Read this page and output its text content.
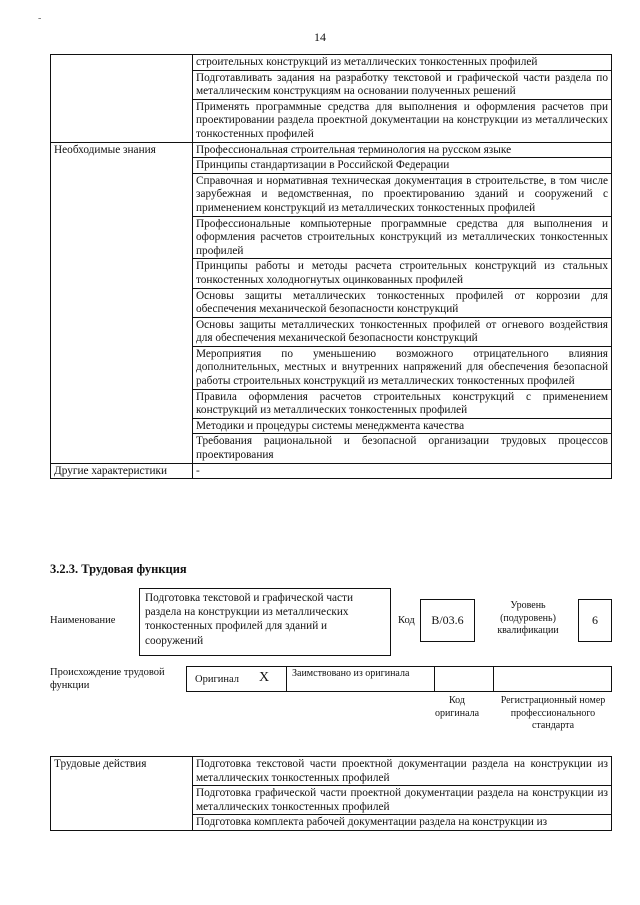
-
14
	строительных конструкций из металлических тонкостенных профилей
	Подготавливать задания на разработку текстовой и графической части раздела по металлическим конструкциям на основании полученных решений
	Применять программные средства для выполнения и оформления расчетов при проектировании раздела проектной документации на конструкции из металлических тонкостенных профилей
Необходимые знания	Профессиональная строительная терминология на русском языке
	Принципы стандартизации в Российской Федерации
	Справочная и нормативная техническая документация в строительстве, в том числе зарубежная и ведомственная, по проектированию зданий и сооружений с применением конструкций из металлических тонкостенных профилей
	Профессиональные компьютерные программные средства для выполнения и оформления расчетов строительных конструкций из металлических тонкостенных профилей
	Принципы работы и методы расчета строительных конструкций из стальных тонкостенных холодногнутых оцинкованных профилей
	Основы защиты металлических тонкостенных профилей от коррозии для обеспечения механической безопасности конструкций
	Основы защиты металлических тонкостенных профилей от огневого воздействия для обеспечения механической безопасности конструкций
	Мероприятия по уменьшению возможного отрицательного влияния дополнительных, местных и внутренних напряжений для обеспечения безопасной работы строительных конструкций из металлических тонкостенных профилей
	Правила оформления расчетов строительных конструкций с применением конструкций из металлических тонкостенных профилей
	Методики и процедуры системы менеджмента качества
	Требования рациональной и безопасной организации трудовых процессов проектирования
Другие характеристики	-
3.2.3. Трудовая функция
Наименование
Подготовка текстовой и графической части раздела на конструкции из металлических тонкостенных профилей для зданий и сооружений
Код	B/03.6
Уровень (подуровень) квалификации
6
Происхождение трудовой функции
Оригинал X Заимствовано из оригинала
Код оригинала
Регистрационный номер профессионального стандарта
Трудовые действия	Подготовка текстовой части проектной документации раздела на конструкции из металлических тонкостенных профилей
Подготовка графической части проектной документации раздела на конструкции из металлических тонкостенных профилей
Подготовка комплекта рабочей документации раздела на конструкции из
